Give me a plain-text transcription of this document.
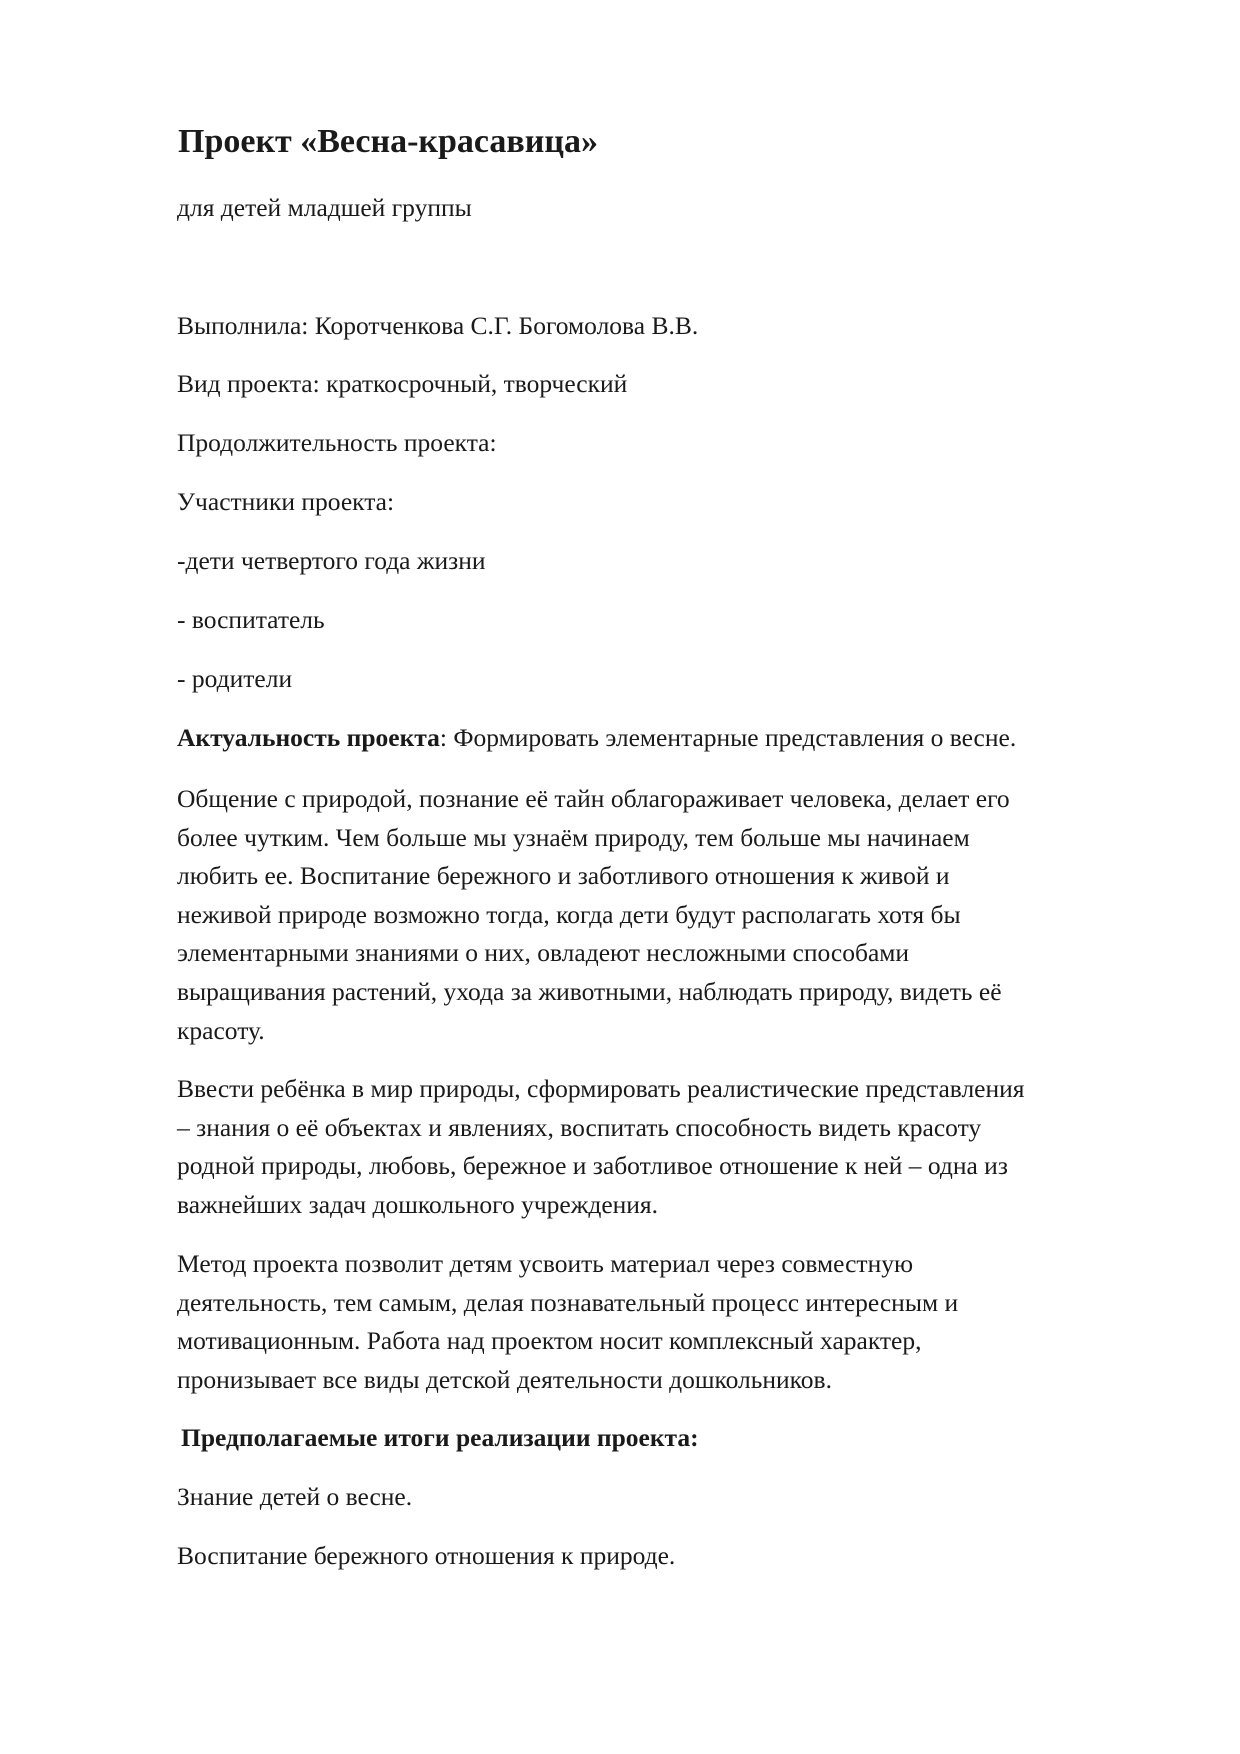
Проект «Весна-красавица»

для детей младшей группы

Выполнила: Коротченкова С.Г. Богомолова В.В.

Вид проекта: краткосрочный, творческий

Продолжительность проекта:

Участники проекта:

-дети четвертого года жизни

- воспитатель

- родители

Актуальность проекта: Формировать элементарные представления о весне.

Общение с природой, познание её тайн облагораживает человека, делает его
более чутким. Чем больше мы узнаём природу, тем больше мы начинаем
любить ее. Воспитание бережного и заботливого отношения к живой и
неживой природе возможно тогда, когда дети будут располагать хотя бы
элементарными знаниями о них, овладеют несложными способами
выращивания растений, ухода за животными, наблюдать природу, видеть её
красоту.
Ввести ребёнка в мир природы, сформировать реалистические представления
– знания о её объектах и явлениях, воспитать способность видеть красоту
родной природы, любовь, бережное и заботливое отношение к ней – одна из
важнейших задач дошкольного учреждения.
Метод проекта позволит детям усвоить материал через совместную
деятельность, тем самым, делая познавательный процесс интересным и
мотивационным. Работа над проектом носит комплексный характер,
пронизывает все виды детской деятельности дошкольников.

Предполагаемые итоги реализации проекта:

Знание детей о весне.

Воспитание бережного отношения к природе.
